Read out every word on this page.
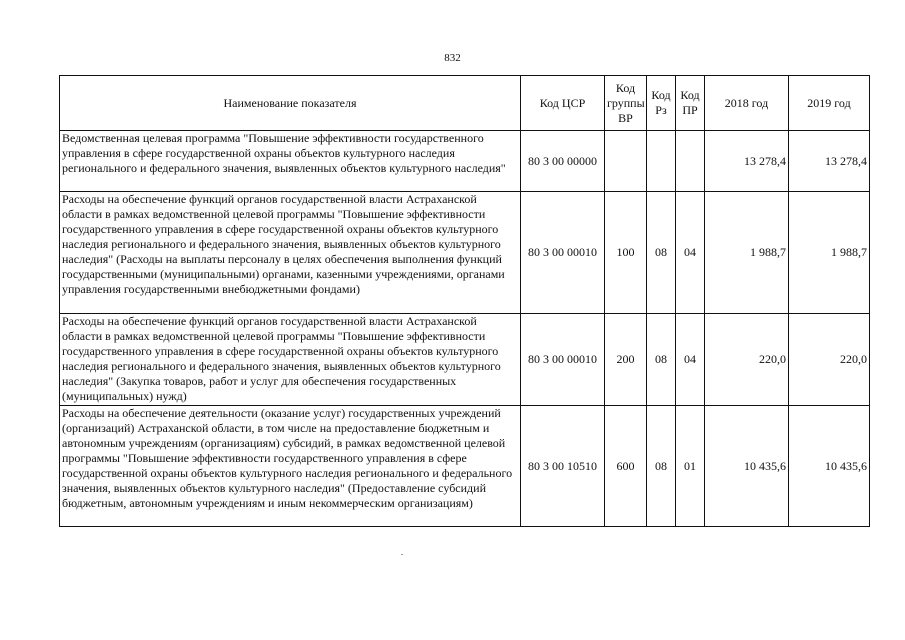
832
Наименование показателя	Код ЦСР	Код группы ВР	Код Рз	Код ПР	2018 год	2019 год
Ведомственная целевая программа "Повышение эффективности государственного управления в сфере государственной охраны объектов культурного наследия регионального и федерального значения, выявленных объектов культурного наследия"	80 3 00 00000				13 278,4	13 278,4
Расходы на обеспечение функций органов государственной власти Астраханской области в рамках ведомственной целевой программы "Повышение эффективности государственного управления в сфере государственной охраны объектов культурного наследия регионального и федерального значения, выявленных объектов культурного наследия" (Расходы на выплаты персоналу в целях обеспечения выполнения функций государственными (муниципальными) органами, казенными учреждениями, органами управления государственными внебюджетными фондами)	80 3 00 00010	100	08	04	1 988,7	1 988,7
Расходы на обеспечение функций органов государственной власти Астраханской области в рамках ведомственной целевой программы "Повышение эффективности государственного управления в сфере государственной охраны объектов культурного наследия регионального и федерального значения, выявленных объектов культурного наследия" (Закупка товаров, работ и услуг для обеспечения государственных (муниципальных) нужд)	80 3 00 00010	200	08	04	220,0	220,0
Расходы на обеспечение деятельности (оказание услуг) государственных учреждений (организаций) Астраханской области, в том числе на предоставление бюджетным и автономным учреждениям (организациям) субсидий, в рамках ведомственной целевой программы "Повышение эффективности государственного управления в сфере государственной охраны объектов культурного наследия регионального и федерального значения, выявленных объектов культурного наследия" (Предоставление субсидий бюджетным, автономным учреждениям и иным некоммерческим организациям)	80 3 00 10510	600	08	01	10 435,6	10 435,6
